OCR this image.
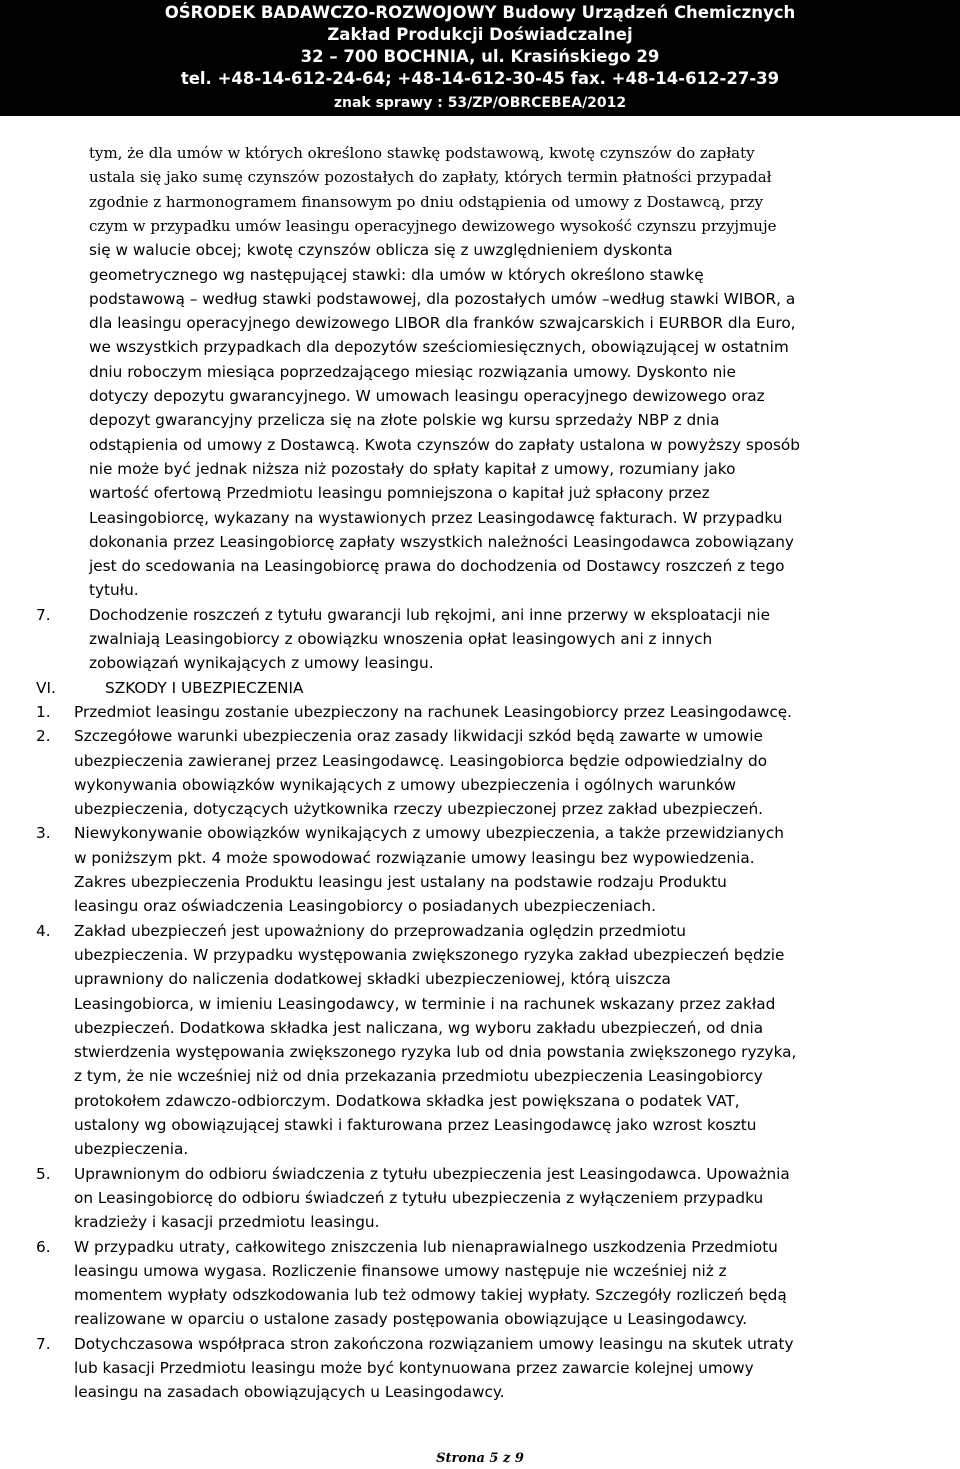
OŚRODEK BADAWCZO-ROZWOJOWY Budowy Urządzeń Chemicznych
Zakład Produkcji Doświadczalnej
32 – 700 BOCHNIA, ul. Krasińskiego 29
tel. +48-14-612-24-64; +48-14-612-30-45 fax. +48-14-612-27-39
znak sprawy : 53/ZP/OBRCEBEA/2012
tym, że dla umów w których określono stawkę podstawową, kwotę czynszów do zapłaty
ustala się jako sumę czynszów pozostałych do zapłaty, których termin płatności przypadał
zgodnie z harmonogramem finansowym po dniu odstąpienia od umowy z Dostawcą, przy
czym w przypadku umów leasingu operacyjnego dewizowego wysokość czynszu przyjmuje
się w walucie obcej; kwotę czynszów oblicza się z uwzględnieniem dyskonta
geometrycznego wg następującej stawki: dla umów w których określono stawkę
podstawową – według stawki podstawowej, dla pozostałych umów –według stawki WIBOR, a
dla leasingu operacyjnego dewizowego LIBOR dla franków szwajcarskich i EURBOR dla Euro,
we wszystkich przypadkach dla depozytów sześciomiesięcznych, obowiązującej w ostatnim
dniu roboczym miesiąca poprzedzającego miesiąc rozwiązania umowy. Dyskonto nie
dotyczy depozytu gwarancyjnego. W umowach leasingu operacyjnego dewizowego oraz
depozyt gwarancyjny przelicza się na złote polskie wg kursu sprzedaży NBP z dnia
odstąpienia od umowy z Dostawcą. Kwota czynszów do zapłaty ustalona w powyższy sposób
nie może być jednak niższa niż pozostały do spłaty kapitał z umowy, rozumiany jako
wartość ofertową Przedmiotu leasingu pomniejszona o kapitał już spłacony przez
Leasingobiorcę, wykazany na wystawionych przez Leasingodawcę fakturach. W przypadku
dokonania przez Leasingobiorcę zapłaty wszystkich należności Leasingodawca zobowiązany
jest do scedowania na Leasingobiorcę prawa do dochodzenia od Dostawcy roszczeń z tego
tytułu.
7.	Dochodzenie roszczeń z tytułu gwarancji lub rękojmi, ani inne przerwy w eksploatacji nie
zwalniają Leasingobiorcy z obowiązku wnoszenia opłat leasingowych ani z innych
zobowiązań wynikających z umowy leasingu.
VI.	SZKODY I UBEZPIECZENIA
1. Przedmiot leasingu zostanie ubezpieczony na rachunek Leasingobiorcy przez Leasingodawcę.
2. Szczegółowe warunki ubezpieczenia oraz zasady likwidacji szkód będą zawarte w umowie
ubezpieczenia zawieranej przez Leasingodawcę. Leasingobiorca będzie odpowiedzialny do
wykonywania obowiązków wynikających z umowy ubezpieczenia i ogólnych warunków
ubezpieczenia, dotyczących użytkownika rzeczy ubezpieczonej przez zakład ubezpieczeń.
3. Niewykonywanie obowiązków wynikających z umowy ubezpieczenia, a także przewidzianych
w poniższym pkt. 4 może spowodować rozwiązanie umowy leasingu bez wypowiedzenia.
Zakres ubezpieczenia Produktu leasingu jest ustalany na podstawie rodzaju Produktu
leasingu oraz oświadczenia Leasingobiorcy o posiadanych ubezpieczeniach.
4. Zakład ubezpieczeń jest upoważniony do przeprowadzania oględzin przedmiotu
ubezpieczenia. W przypadku występowania zwiększonego ryzyka zakład ubezpieczeń będzie
uprawniony do naliczenia dodatkowej składki ubezpieczeniowej, którą uiszcza
Leasingobiorca, w imieniu Leasingodawcy, w terminie i na rachunek wskazany przez zakład
ubezpieczeń. Dodatkowa składka jest naliczana, wg wyboru zakładu ubezpieczeń, od dnia
stwierdzenia występowania zwiększonego ryzyka lub od dnia powstania zwiększonego ryzyka,
z tym, że nie wcześniej niż od dnia przekazania przedmiotu ubezpieczenia Leasingobiorcy
protokołem zdawczo-odbiorczym. Dodatkowa składka jest powiększana o podatek VAT,
ustalony wg obowiązującej stawki i fakturowana przez Leasingodawcę jako wzrost kosztu
ubezpieczenia.
5. Uprawnionym do odbioru świadczenia z tytułu ubezpieczenia jest Leasingodawca. Upoważnia
on Leasingobiorcę do odbioru świadczeń z tytułu ubezpieczenia z wyłączeniem przypadku
kradzieży i kasacji przedmiotu leasingu.
6. W przypadku utraty, całkowitego zniszczenia lub nienaprawialnego uszkodzenia Przedmiotu
leasingu umowa wygasa. Rozliczenie finansowe umowy następuje nie wcześniej niż z
momentem wypłaty odszkodowania lub też odmowy takiej wypłaty. Szczegóły rozliczeń będą
realizowane w oparciu o ustalone zasady postępowania obowiązujące u Leasingodawcy.
7. Dotychczasowa współpraca stron zakończona rozwiązaniem umowy leasingu na skutek utraty
lub kasacji Przedmiotu leasingu może być kontynuowana przez zawarcie kolejnej umowy
leasingu na zasadach obowiązujących u Leasingodawcy.
Strona 5 z 9
